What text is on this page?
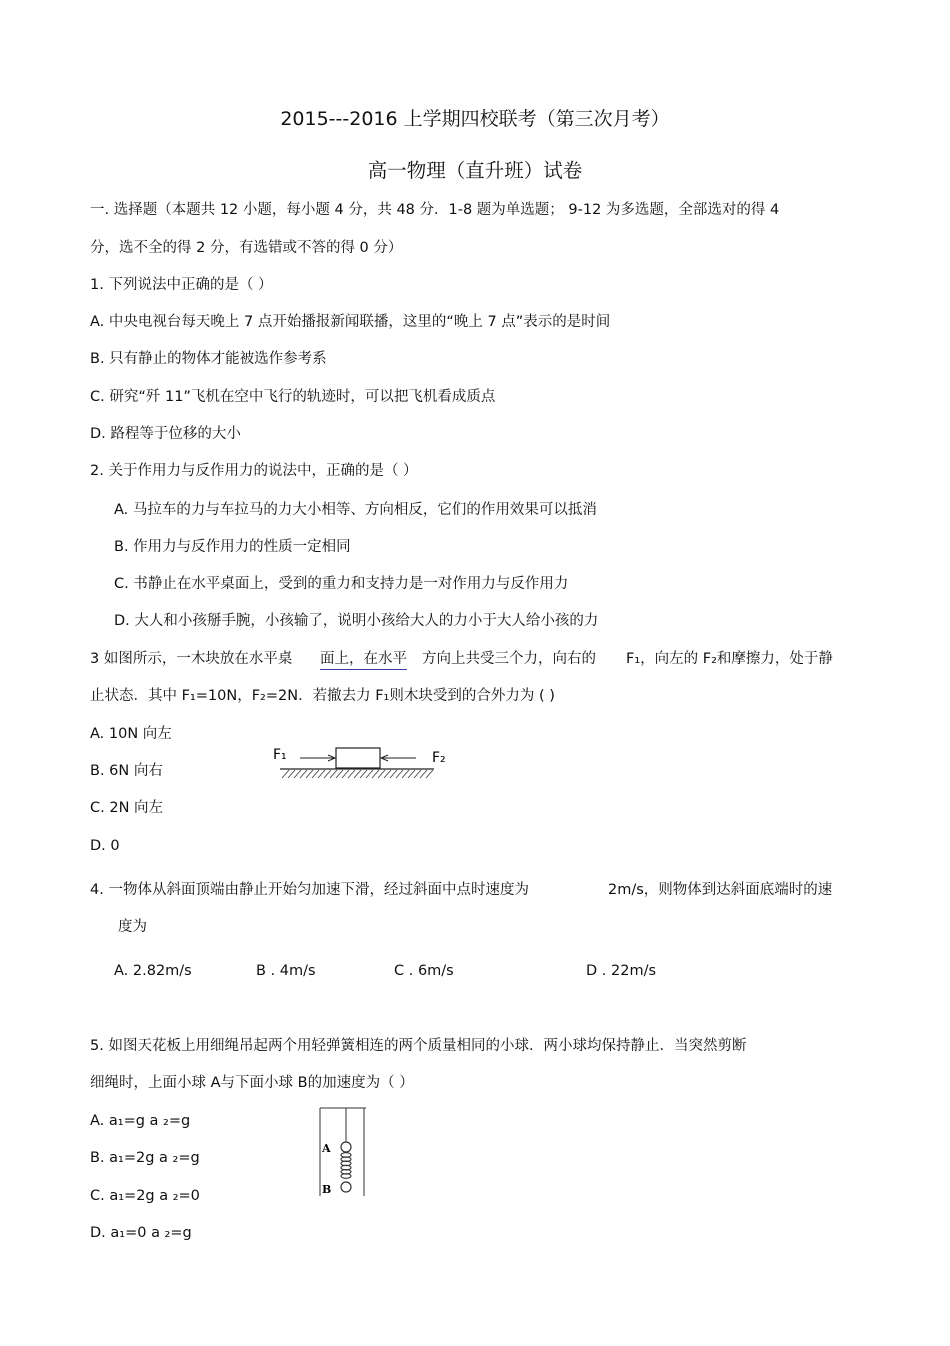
2015---2016 上学期四校联考（第三次月考）
高一物理（直升班）试卷
一. 选择题（本题共 12 小题，每小题 4 分，共 48 分．1-8 题为单选题； 9-12 为多选题，全部选对的得 4
分，选不全的得 2 分，有选错或不答的得 0 分）
1. 下列说法中正确的是（ ）
A. 中央电视台每天晚上 7 点开始播报新闻联播，这里的“晚上 7 点”表示的是时间
B. 只有静止的物体才能被选作参考系
C. 研究“歼 11”飞机在空中飞行的轨迹时，可以把飞机看成质点
D. 路程等于位移的大小
2. 关于作用力与反作用力的说法中，正确的是（ ）
A. 马拉车的力与车拉马的力大小相等、方向相反，它们的作用效果可以抵消
B. 作用力与反作用力的性质一定相同
C. 书静止在水平桌面上，受到的重力和支持力是一对作用力与反作用力
D. 大人和小孩掰手腕，小孩输了，说明小孩给大人的力小于大人给小孩的力
3 如图所示，一木块放在水平桌 面上，在水平 方向上共受三个力，向右的 F₁，向左的 F₂和摩擦力，处于静
止状态．其中 F₁=10N，F₂=2N．若撤去力 F₁则木块受到的合外力为 ( )
A. 10N 向左
B. 6N 向右
C. 2N 向左
D. 0
F₁	F₂
4. 一物体从斜面顶端由静止开始匀加速下滑，经过斜面中点时速度为	2m/s，则物体到达斜面底端时的速
度为
A. 2.82m/s	B . 4m/s	C . 6m/s	D . 22m/s
5. 如图天花板上用细绳吊起两个用轻弹簧相连的两个质量相同的小球．两小球均保持静止．当突然剪断
细绳时，上面小球 A与下面小球 B的加速度为（ ）
A. a₁=g a ₂=g
B. a₁=2g a ₂=g
C. a₁=2g a ₂=0
D. a₁=0 a ₂=g
A
B
